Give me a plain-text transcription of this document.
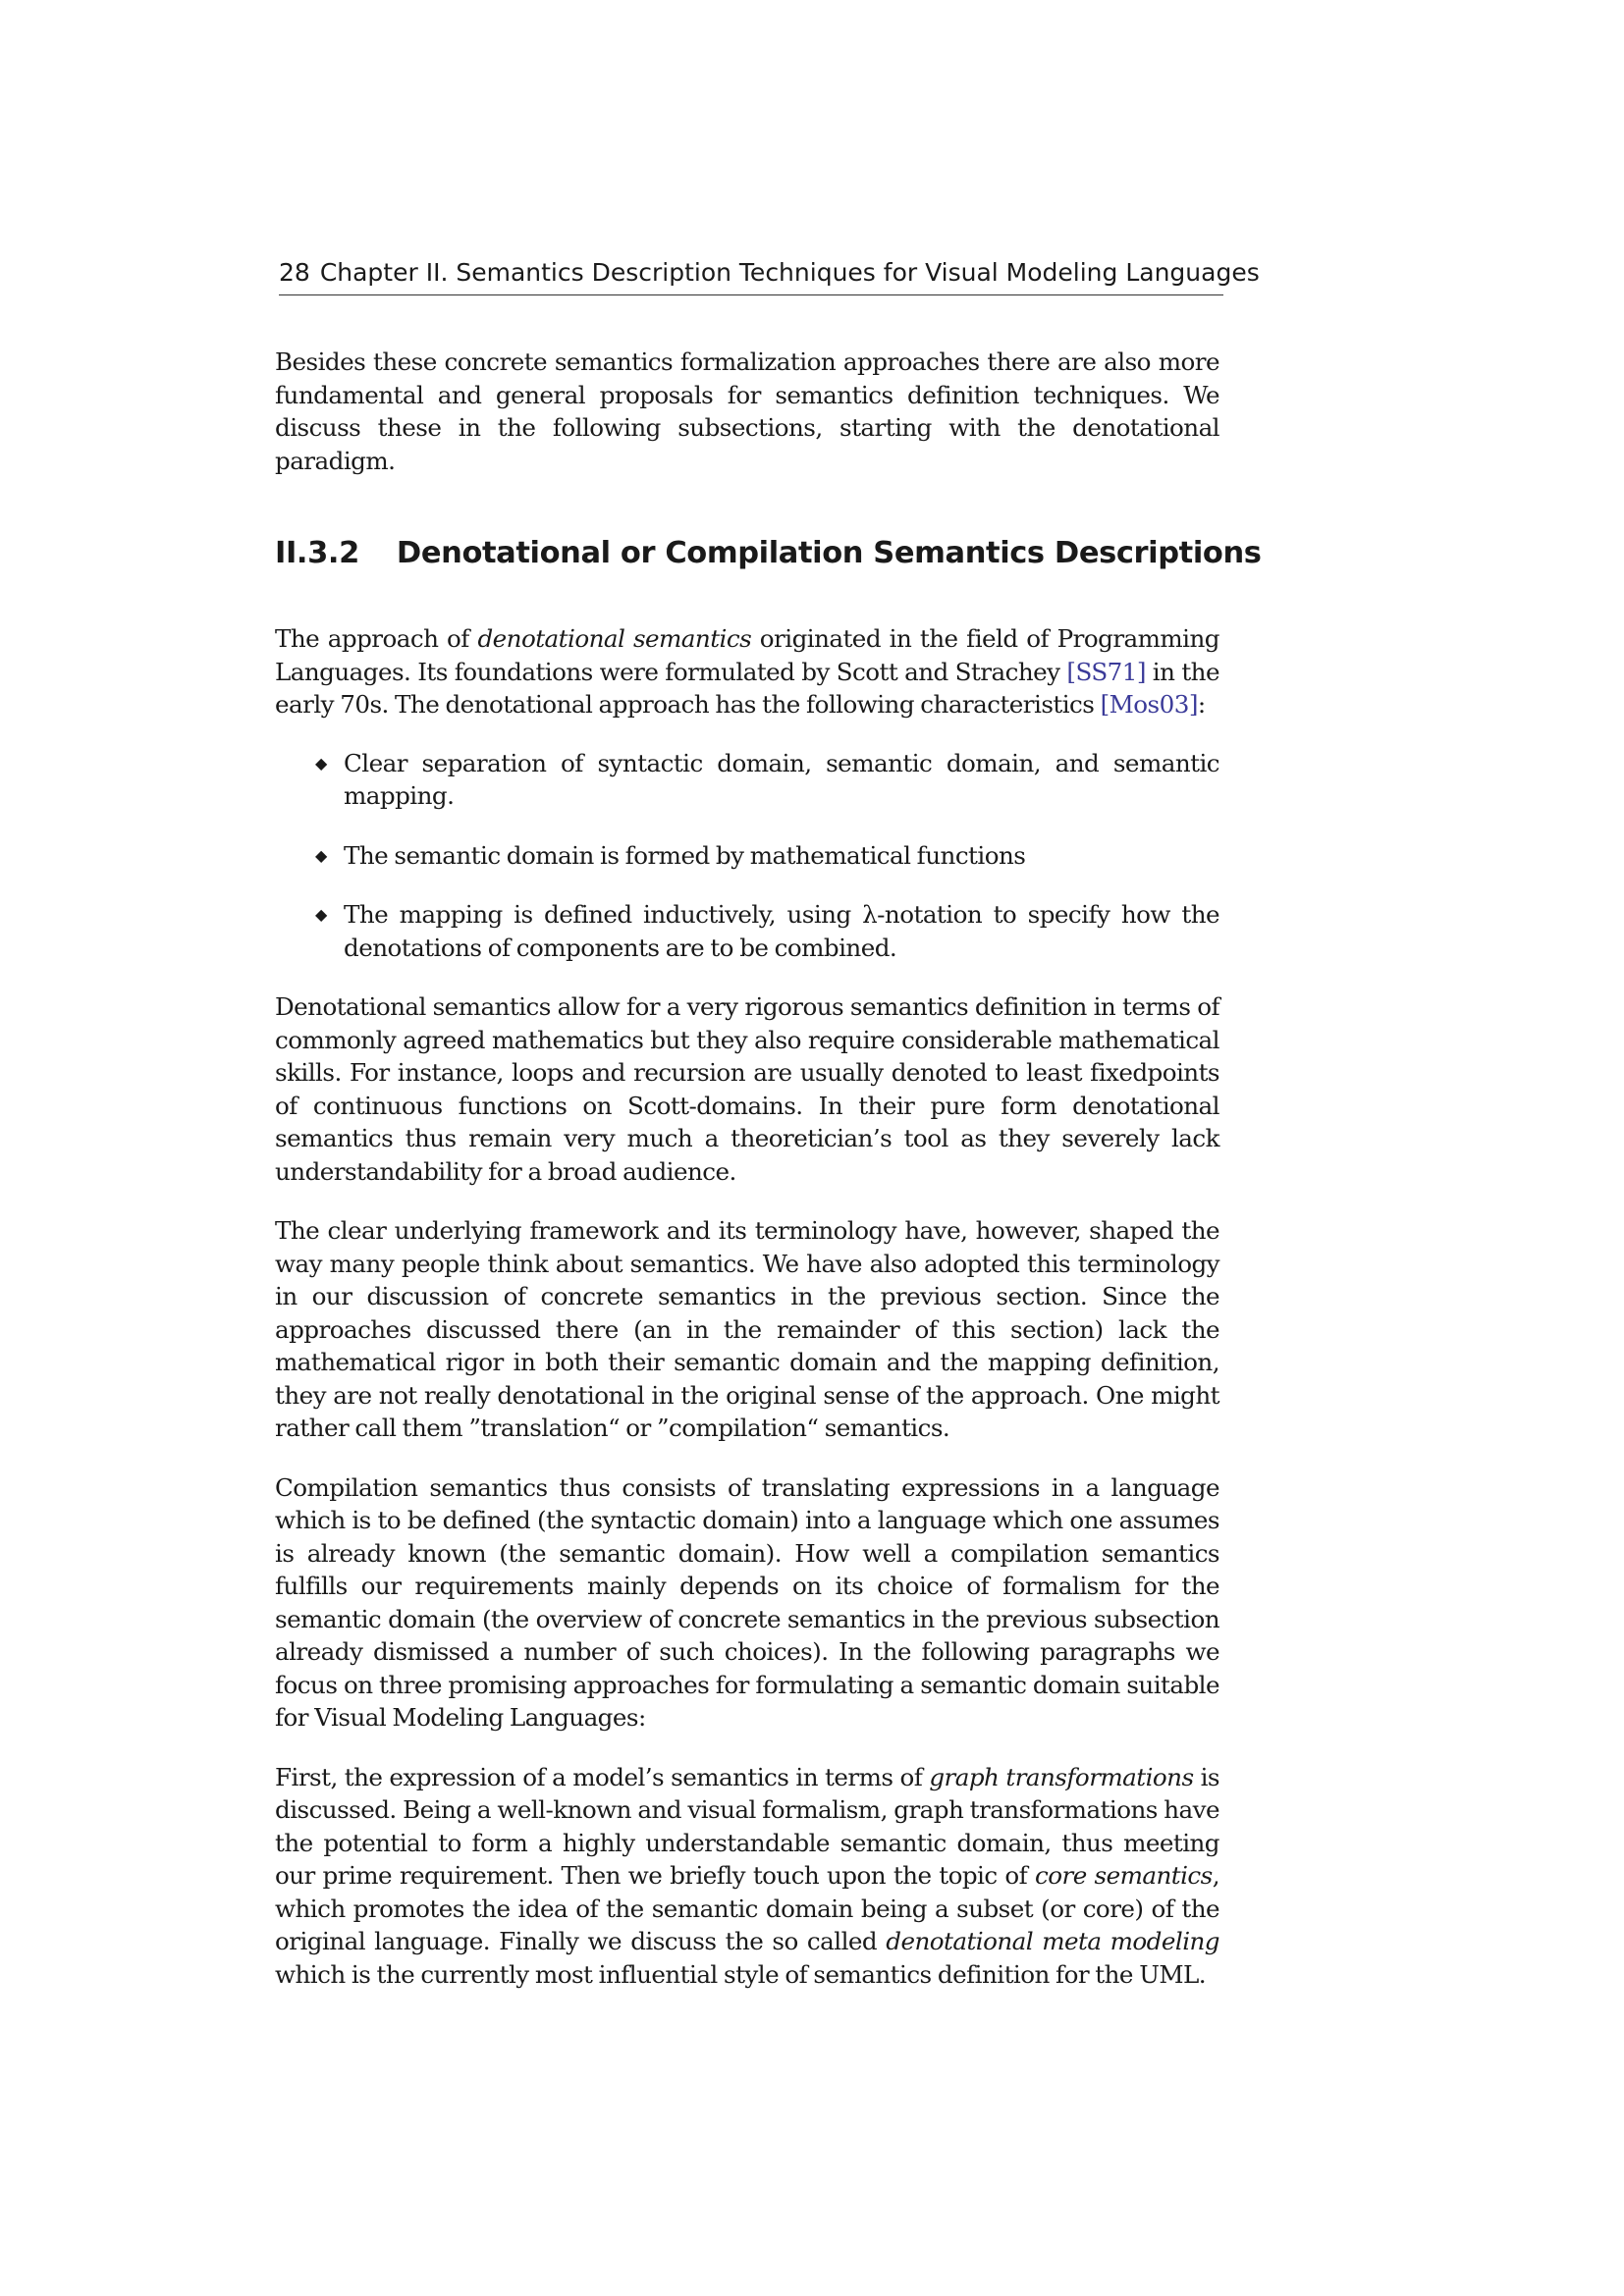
28 Chapter II. Semantics Description Techniques for Visual Modeling Languages

Besides these concrete semantics formalization approaches there are also more fundamental and general proposals for semantics definition techniques. We discuss these in the following subsections, starting with the denotational paradigm.

II.3.2 Denotational or Compilation Semantics Descriptions

The approach of denotational semantics originated in the field of Programming Languages. Its foundations were formulated by Scott and Strachey [SS71] in the early 70s. The denotational approach has the following characteristics [Mos03]:

◆ Clear separation of syntactic domain, semantic domain, and semantic mapping.
◆ The semantic domain is formed by mathematical functions
◆ The mapping is defined inductively, using λ-notation to specify how the denotations of components are to be combined.

Denotational semantics allow for a very rigorous semantics definition in terms of commonly agreed mathematics but they also require considerable mathematical skills. For instance, loops and recursion are usually denoted to least fixedpoints of continuous functions on Scott-domains. In their pure form denotational semantics thus remain very much a theoretician’s tool as they severely lack understandability for a broad audience.

The clear underlying framework and its terminology have, however, shaped the way many people think about semantics. We have also adopted this terminology in our discussion of concrete semantics in the previous section. Since the approaches discussed there (an in the remainder of this section) lack the mathematical rigor in both their semantic domain and the mapping definition, they are not really denotational in the original sense of the approach. One might rather call them ”translation“ or ”compilation“ semantics.

Compilation semantics thus consists of translating expressions in a language which is to be defined (the syntactic domain) into a language which one assumes is already known (the semantic domain). How well a compilation semantics fulfills our requirements mainly depends on its choice of formalism for the semantic domain (the overview of concrete semantics in the previous subsection already dismissed a number of such choices). In the following paragraphs we focus on three promising approaches for formulating a semantic domain suitable for Visual Modeling Languages:

First, the expression of a model’s semantics in terms of graph transformations is discussed. Being a well-known and visual formalism, graph transformations have the potential to form a highly understandable semantic domain, thus meeting our prime requirement. Then we briefly touch upon the topic of core semantics, which promotes the idea of the semantic domain being a subset (or core) of the original language. Finally we discuss the so called denotational meta modeling which is the currently most influential style of semantics definition for the UML.
